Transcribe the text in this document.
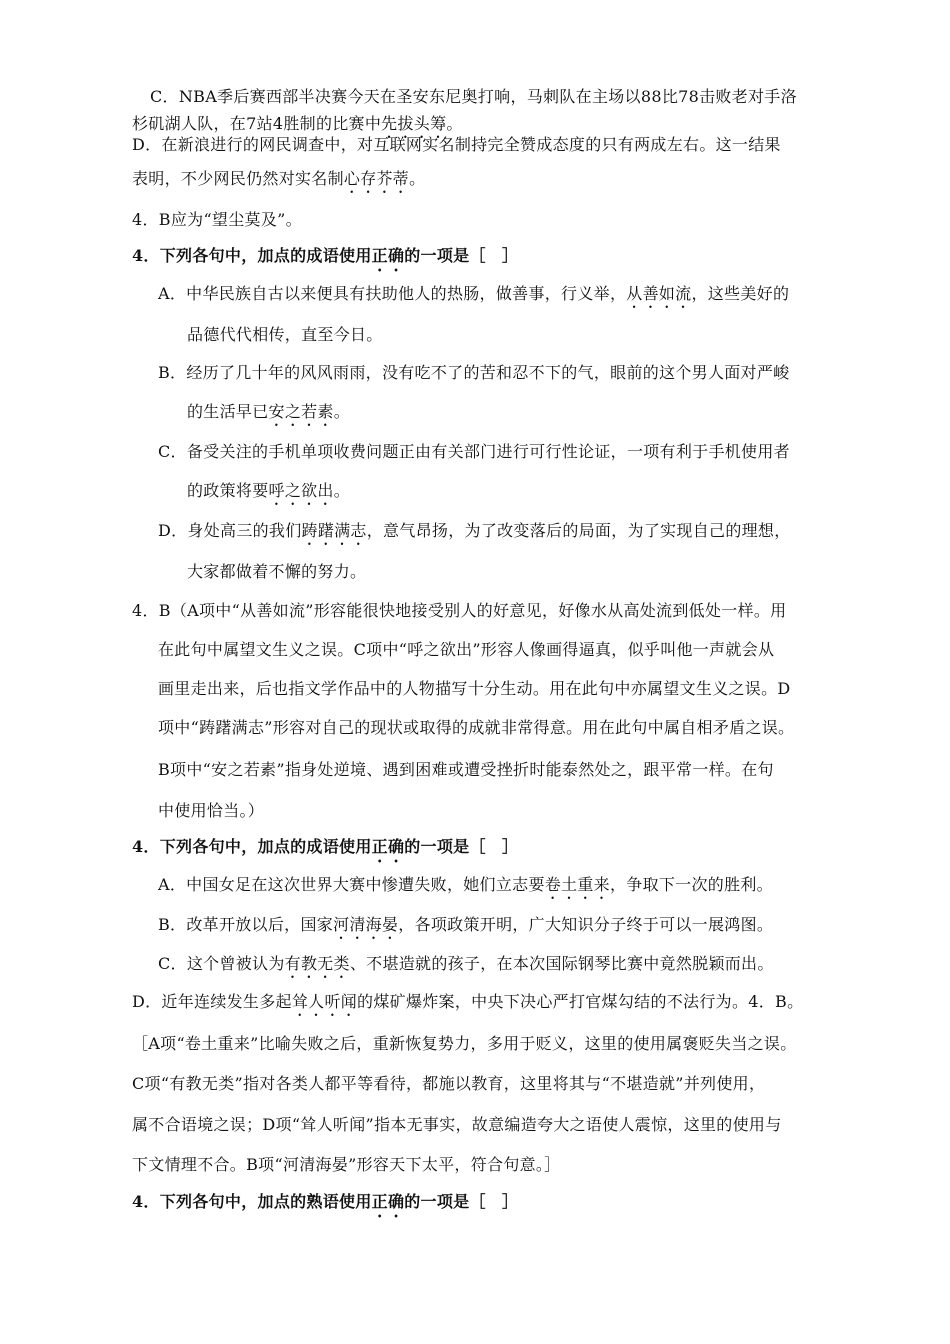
C．NBA季后赛西部半决赛今天在圣安东尼奥打响，马刺队在主场以88比78击败老对手洛
杉矶湖人队，在7站4胜制的比赛中先拔头筹。
D．在新浪进行的网民调查中，对互联网实名制持完全赞成态度的只有两成左右。这一结果
表明，不少网民仍然对实名制心存芥蒂。
4．B应为“望尘莫及”。
4．下列各句中，加点的成语使用正确的一项是［　］
A．中华民族自古以来便具有扶助他人的热肠，做善事，行义举，从善如流，这些美好的
品德代代相传，直至今日。
B．经历了几十年的风风雨雨，没有吃不了的苦和忍不下的气，眼前的这个男人面对严峻
的生活早已安之若素。
C．备受关注的手机单项收费问题正由有关部门进行可行性论证，一项有利于手机使用者
的政策将要呼之欲出。
D．身处高三的我们踌躇满志，意气昂扬，为了改变落后的局面，为了实现自己的理想，
大家都做着不懈的努力。
4．B（A项中“从善如流”形容能很快地接受别人的好意见，好像水从高处流到低处一样。用
在此句中属望文生义之误。C项中“呼之欲出”形容人像画得逼真，似乎叫他一声就会从
画里走出来，后也指文学作品中的人物描写十分生动。用在此句中亦属望文生义之误。D
项中“踌躇满志”形容对自己的现状或取得的成就非常得意。用在此句中属自相矛盾之误。
B项中“安之若素”指身处逆境、遇到困难或遭受挫折时能泰然处之，跟平常一样。在句
中使用恰当。）
4．下列各句中，加点的成语使用正确的一项是［　］
A．中国女足在这次世界大赛中惨遭失败，她们立志要卷土重来，争取下一次的胜利。
B．改革开放以后，国家河清海晏，各项政策开明，广大知识分子终于可以一展鸿图。
C．这个曾被认为有教无类、不堪造就的孩子，在本次国际钢琴比赛中竟然脱颖而出。
D．近年连续发生多起耸人听闻的煤矿爆炸案，中央下决心严打官煤勾结的不法行为。4．B。
［A项“卷土重来”比喻失败之后，重新恢复势力，多用于贬义，这里的使用属褒贬失当之误。
C项“有教无类”指对各类人都平等看待，都施以教育，这里将其与“不堪造就”并列使用，
属不合语境之误；D项“耸人听闻”指本无事实，故意编造夸大之语使人震惊，这里的使用与
下文情理不合。B项“河清海晏”形容天下太平，符合句意。］
4．下列各句中，加点的熟语使用正确的一项是［　］
